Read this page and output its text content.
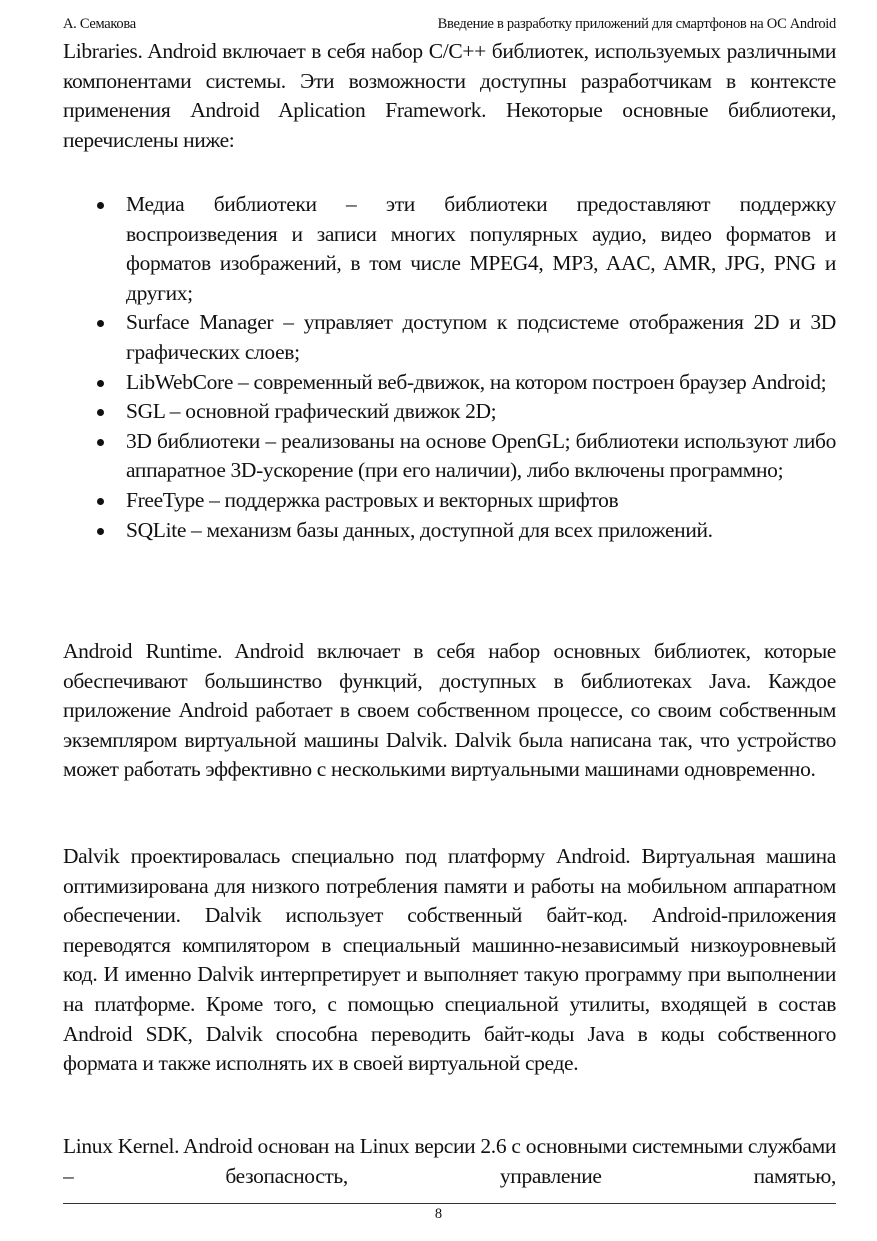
А. Семакова	Введение в разработку приложений для смартфонов на ОС Android

Libraries. Android включает в себя набор C/C++ библиотек, используемых различными компонентами системы. Эти возможности доступны разработчикам в контексте применения Android Aplication Framework. Некоторые основные библиотеки, перечислены ниже:

Медиа библиотеки – эти библиотеки предоставляют поддержку воспроизведения и записи многих популярных аудио, видео форматов и форматов изображений, в том числе MPEG4, MP3, AAC, AMR, JPG, PNG и других;
Surface Manager – управляет доступом к подсистеме отображения 2D и 3D графических слоев;
LibWebCore – современный веб-движок, на котором построен браузер Android;
SGL – основной графический движок 2D;
3D библиотеки – реализованы на основе OpenGL; библиотеки используют либо аппаратное 3D-ускорение (при его наличии), либо включены программно;
FreeType – поддержка растровых и векторных шрифтов
SQLite – механизм базы данных, доступной для всех приложений.

Android Runtime. Android включает в себя набор основных библиотек, которые обеспечивают большинство функций, доступных в библиотеках Java. Каждое приложение Android работает в своем собственном процессе, со своим собственным экземпляром виртуальной машины Dalvik. Dalvik была написана так, что устройство может работать эффективно с несколькими виртуальными машинами одновременно.

Dalvik проектировалась специально под платформу Android. Виртуальная машина оптимизирована для низкого потребления памяти и работы на мобильном аппаратном обеспечении. Dalvik использует собственный байт-код. Android-приложения переводятся компилятором в специальный машинно-независимый низкоуровневый код. И именно Dalvik интерпретирует и выполняет такую программу при выполнении на платформе. Кроме того, с помощью специальной утилиты, входящей в состав Android SDK, Dalvik способна переводить байт-коды Java в коды собственного формата и также исполнять их в своей виртуальной среде.

Linux Kernel. Android основан на Linux версии 2.6 с основными системными службами – безопасность, управление памятью,

8
